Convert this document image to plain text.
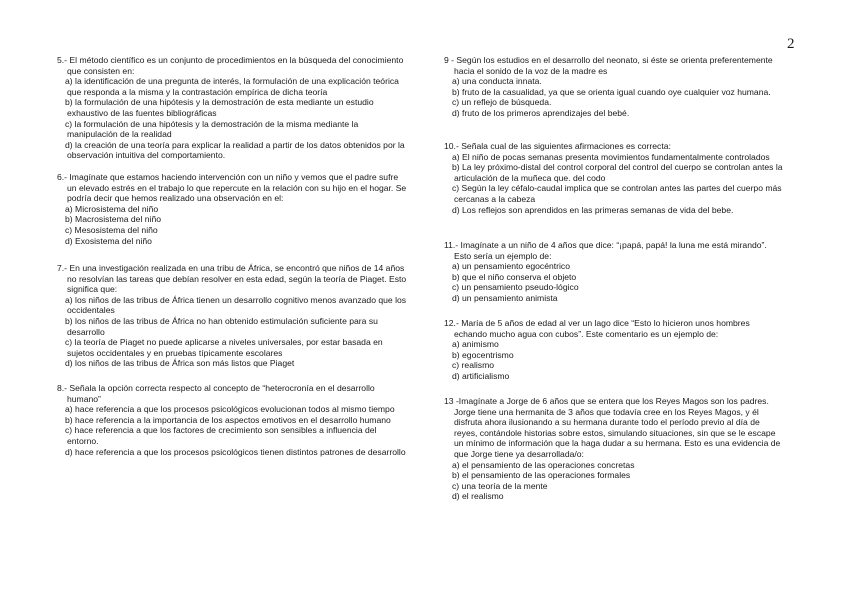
2
5.- El método científico es un conjunto de procedimientos en la búsqueda del conocimiento que consisten en:
a) la identificación de una pregunta de interés, la formulación de una explicación teórica que responda a la misma y la contrastación empírica de dicha teoría
b) la formulación de una hipótesis y la demostración de esta mediante un estudio exhaustivo de las fuentes bibliográficas
c) la formulación de una hipótesis y la demostración de la misma mediante la manipulación de la realidad
d) la creación de una teoría para explicar la realidad a partir de los datos obtenidos por la observación intuitiva del comportamiento.
6.- Imagínate que estamos haciendo intervención con un niño y vemos que el padre sufre un elevado estrés en el trabajo lo que repercute en la relación con su hijo en el hogar. Se podría decir que hemos realizado una observación en el:
a) Microsistema del niño
b) Macrosistema del niño
c) Mesosistema del niño
d) Exosistema del niño
7.- En una investigación realizada en una tribu de África, se encontró que niños de 14 años no resolvían las tareas que debían resolver en esta edad, según la teoría de Piaget. Esto significa que:
a) los niños de las tribus de África tienen un desarrollo cognitivo menos avanzado que los occidentales
b) los niños de las tribus de África no han obtenido estimulación suficiente para su desarrollo
c) la teoría de Piaget no puede aplicarse a niveles universales, por estar basada en sujetos occidentales y en pruebas típicamente escolares
d) los niños de las tribus de África son más listos que Piaget
8.- Señala la opción correcta respecto al concepto de “heterocronía en el desarrollo humano”
a) hace referencia a que los procesos psicológicos evolucionan todos al mismo tiempo
b) hace referencia a la importancia de los aspectos emotivos en el desarrollo humano
c) hace referencia a que los factores de crecimiento son sensibles a influencia del entorno.
d) hace referencia a que los procesos psicológicos tienen distintos patrones de desarrollo
9 - Según los estudios en el desarrollo del neonato, si éste se orienta preferentemente hacia el sonido de la voz de la madre es
a) una conducta innata.
b) fruto de la casualidad, ya que se orienta igual cuando oye cualquier voz humana.
c) un reflejo de búsqueda.
d) fruto de los primeros aprendizajes del bebé.
10.- Señala cual de las siguientes afirmaciones es correcta:
a) El niño de pocas semanas presenta movimientos fundamentalmente controlados
b) La ley próximo-distal del control corporal del control del cuerpo se controlan antes la articulación de la muñeca que. del codo
c) Según la ley céfalo-caudal implica que se controlan antes las partes del cuerpo más cercanas a la cabeza
d) Los reflejos son aprendidos en las primeras semanas de vida del bebe.
11.- Imagínate a un niño de 4 años que dice: “¡papá, papá! la luna me está mirando”. Esto sería un ejemplo de:
a) un pensamiento egocéntrico
b) que el niño conserva el objeto
c) un pensamiento pseudo-lógico
d) un pensamiento animista
12.- María de 5 años de edad al ver un lago dice “Esto lo hicieron unos hombres echando mucho agua con cubos”. Este comentario es un ejemplo de:
a) animismo
b) egocentrismo
c) realismo
d) artificialismo
13 -Imagínate a Jorge de 6 años que se entera que los Reyes Magos son los padres. Jorge tiene una hermanita de 3 años que todavía cree en los Reyes Magos, y él disfruta ahora ilusionando a su hermana durante todo el período previo al día de reyes, contándole historias sobre estos, simulando situaciones, sin que se le escape un mínimo de información que la haga dudar a su hermana. Esto es una evidencia de que Jorge tiene ya desarrollada/o:
a) el pensamiento de las operaciones concretas
b) el pensamiento de las operaciones formales
c) una teoría de la mente
d) el realismo
